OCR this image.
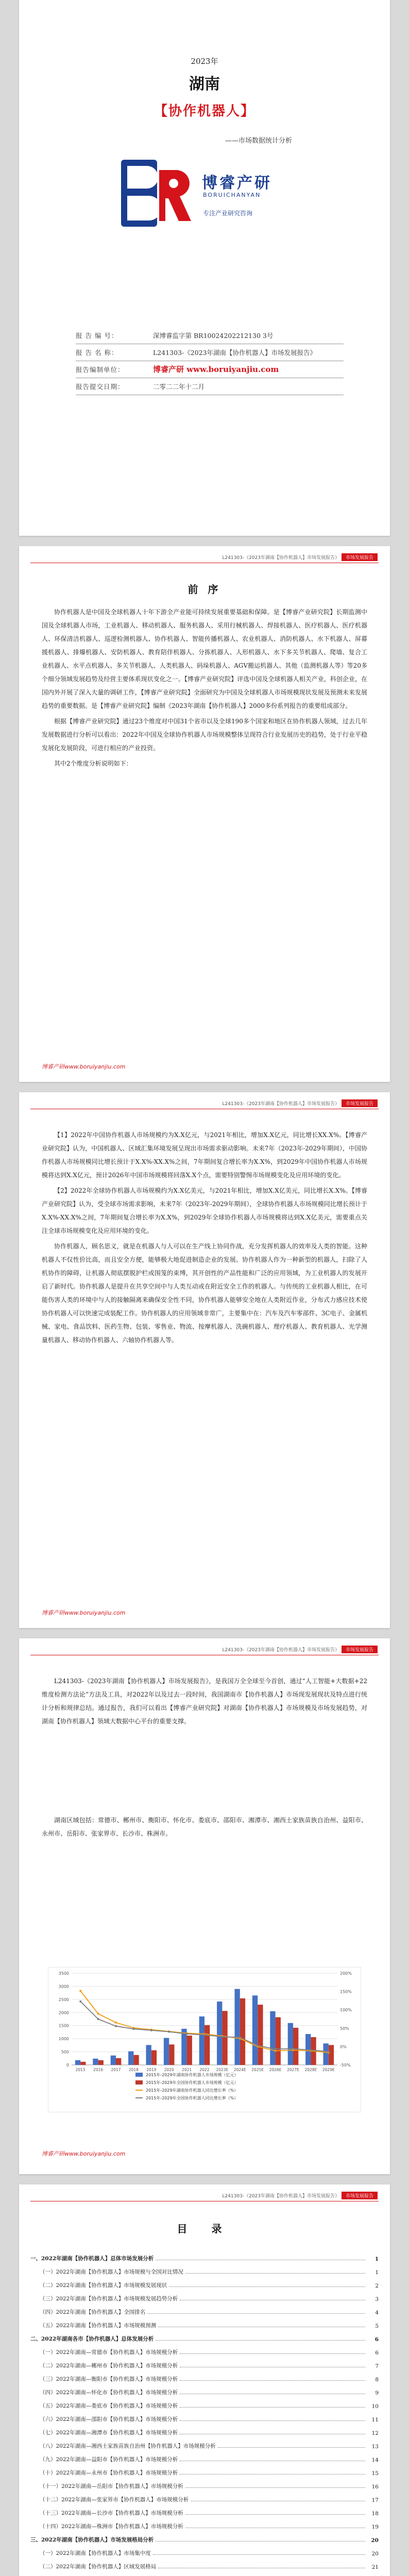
2023年
湖南
【协作机器人】
——市场数据统计分析
博睿产研
BORUICHANYAN
专注产业研究咨询
报 告 编 号：	深博睿监字第 BR10024202212130 3号
报 告 名 称：	L241303-《2023年湖南【协作机器人】市场发展报告》
报告编制单位：	博睿产研 www.boruiyanjiu.com
报告提交日期：	二零二二年十二月
L241303-《2023年湖南【协作机器人】市场发展报告》 市场发展报告
前 序

协作机器人是中国及全球机器人十年下游全产业能可持续发展重要基础和保障。是【博睿产业研究院】长期监测中国及全球机器人市场，工业机器人、移动机器人、服务机器人、采用行械机器人、焊接机器人、医疗机器人、医疗机器人、环保清洁机器人、巡逻检测机器人、协作机器人、智能传播机器人、农业机器人、消防机器人、水下机器人、屏幕援机器人、排爆机器人、安防机器人、教育陪伴机器人、分拣机器人、人形机器人、水下多关节机器人、爬墙、复合工业机器人、水平点机器人、多关节机器人、人类机器人、码垛机器人、AGV搬运机器人、其他（监测机器人等）等20多个细分领域发展趋势及经营主要体系现状变化之一。【博睿产业研究院】评选中国及全球机器人相关产业，科创企业，在国内外开展了深入大量的调研工作，【博睿产业研究院】全面研究为中国及全球机器人市场规模现状发展及预测未来发展趋势的重要数据。是【博睿产业研究院】编制《2023年湖南【协作机器人】2000多份系列报告的重要组成部分。

根据【博睿产业研究院】通过23个维度对中国31个省市以及全球190多个国家和地区在协作机器人领域，过去几年发展数据进行分析可以看出：2022年中国及全球协作机器人市场规模整体呈现符合行业发展历史的趋势，处于行业平稳发展化发展阶段，可进行相应的产业投资。

其中2个维度分析说明如下：

博睿产研www.boruiyanjiu.com
L241303-《2023年湖南【协作机器人】市场发展报告》 市场发展报告

【1】2022年中国协作机器人市场规模约为X.X亿元，与2021年相比，增加X.X亿元，同比增长XX.X%。【博睿产业研究院】认为，中国机器人、区域汇集环境发展呈现出市场需求驱动影响。未来7年（2023年-2029年期间），中国协作机器人市场规模同比增长预计于X.X%-XX.X%之间，7年期间复合增长率为X.X%，到2029年中国协作机器人市场规模将达到X.X亿元，预计2026年中国市场规模将回落X.X个点，需要特别警惕市场规模变化及应用环境的变化。

【2】2022年全球协作机器人市场规模约为X.X亿美元，与2021年相比，增加X.X亿美元，同比增长X.X%。【博睿产业研究院】认为，受全球市场需求影响，未来7年（2023年-2029年期间），全球协作机器人市场规模同比增长预计于X.X%-XX.X%之间，7年期间复合增长率为X.X%，到2029年全球协作机器人市场规模将达到X.X亿美元，需要重点关注全球市场规模变化及应用环境的变化。

协作机器人，顾名思义，就是在机器人与人可以在生产线上协同作战，充分发挥机器人的效率及人类的智能。这种机器人不仅性价比高，而且安全方便，能够极大地促进制造企业的发展。协作机器人作为一种新型的机器人，扫除了人机协作的障碍，让机器人彻底摆脱护栏或围笼的束缚，其开创性的产品性能和广泛的应用领域，为工业机器人的发展开启了新时代。协作机器人是提升在共享空间中与人类互动或在附近安全工作的机器人。与传统的工业机器人相比，在可能伤害人类的环境中与人的接触隔离来确保安全性不同，协作机器人能够安全地在人类附近作业，分布式力感应技术使协作机器人可以快速完成装配工作。协作机器人的应用领域非常广，主要集中在：汽车及汽车零部件、3C电子、金属机械、家电、食品饮料、医药生物、包装、零售业、物流、按摩机器人、洗碗机器人、理疗机器人、教育机器人、光学测量机器人、移动协作机器人、六轴协作机器人等。

博睿产研www.boruiyanjiu.com
L241303-《2023年湖南【协作机器人】市场发展报告》 市场发展报告

L241303-《2023年湖南【协作机器人】市场发展报告》，是我国万全全球至今首创，通过“人工智能+大数据+22维度检测方法论”方法及工具，对2022年以及过去一段时间，我国湖南市【协作机器人】市场现发展现状及特点进行统计分析和规律总结。通过报告，我们可以看出【博睿产业研究院】对湖南【协作机器人】市场规模及市场发展趋势，对湖南【协作机器人】领域大数据中心平台的重要支撑。

湖南区域包括：常德市、郴州市、衡阳市、怀化市、娄底市、邵阳市、湘潭市、湘西土家族苗族自治州、益阳市、永州市、岳阳市、张家界市、长沙市、株洲市。

3500
3000
2500
2000
1500
1000
500
0
200%
150%
100%
50%
0%
-50%
2015 2016 2017 2018 2019 2020 2021 2022 2023E 2024E 2025E 2026E 2027E 2028E 2029E
2015年-2029年湖南协作机器人市场规模（亿元）
2015年-2029年全国协作机器人市场规模（亿元）
2015年-2029年湖南协作机器人同比增长率（%）
2015年-2029年全国协作机器人同比增长率（%）
博睿产研www.boruiyanjiu.com
L241303-《2023年湖南【协作机器人】市场发展报告》 市场发展报告
目 录
一、2022年湖南【协作机器人】总体市场发展分析	1
（一）2022年湖南【协作机器人】市场规模与全国对比情况	1
（二）2022年湖南【协作机器人】市场规模发展现状	2
（三）2022年湖南【协作机器人】市场规模发展趋势分析	3
（四）2022年湖南【协作机器人】全国排名	4
（五）2022年湖南【协作机器人】市场规模预测	5
二、2022年湖南各市【协作机器人】总体发展分析	6
（一）2022年湖南—常德市【协作机器人】市场规模分析	6
（二）2022年湖南—郴州市【协作机器人】市场规模分析	7
（三）2022年湖南—衡阳市【协作机器人】市场规模分析	8
（四）2022年湖南—怀化市【协作机器人】市场规模分析	9
（五）2022年湖南—娄底市【协作机器人】市场规模分析	10
（六）2022年湖南—邵阳市【协作机器人】市场规模分析	11
（七）2022年湖南—湘潭市【协作机器人】市场规模分析	12
（八）2022年湖南—湘西土家族苗族自治州【协作机器人】市场规模分析	13
（九）2022年湖南—益阳市【协作机器人】市场规模分析	14
（十）2022年湖南—永州市【协作机器人】市场规模分析	15
（十一）2022年湖南—岳阳市【协作机器人】市场规模分析	16
（十二）2022年湖南—张家界市【协作机器人】市场规模分析	17
（十三）2022年湖南—长沙市【协作机器人】市场规模分析	18
（十四）2022年湖南—株洲市【协作机器人】市场规模分析	19
三、2022年湖南【协作机器人】市场发展格局分析	20
（一）2022年湖南【协作机器人】市场集中度	20
（二）2022年湖南【协作机器人】区域发展格局	21
